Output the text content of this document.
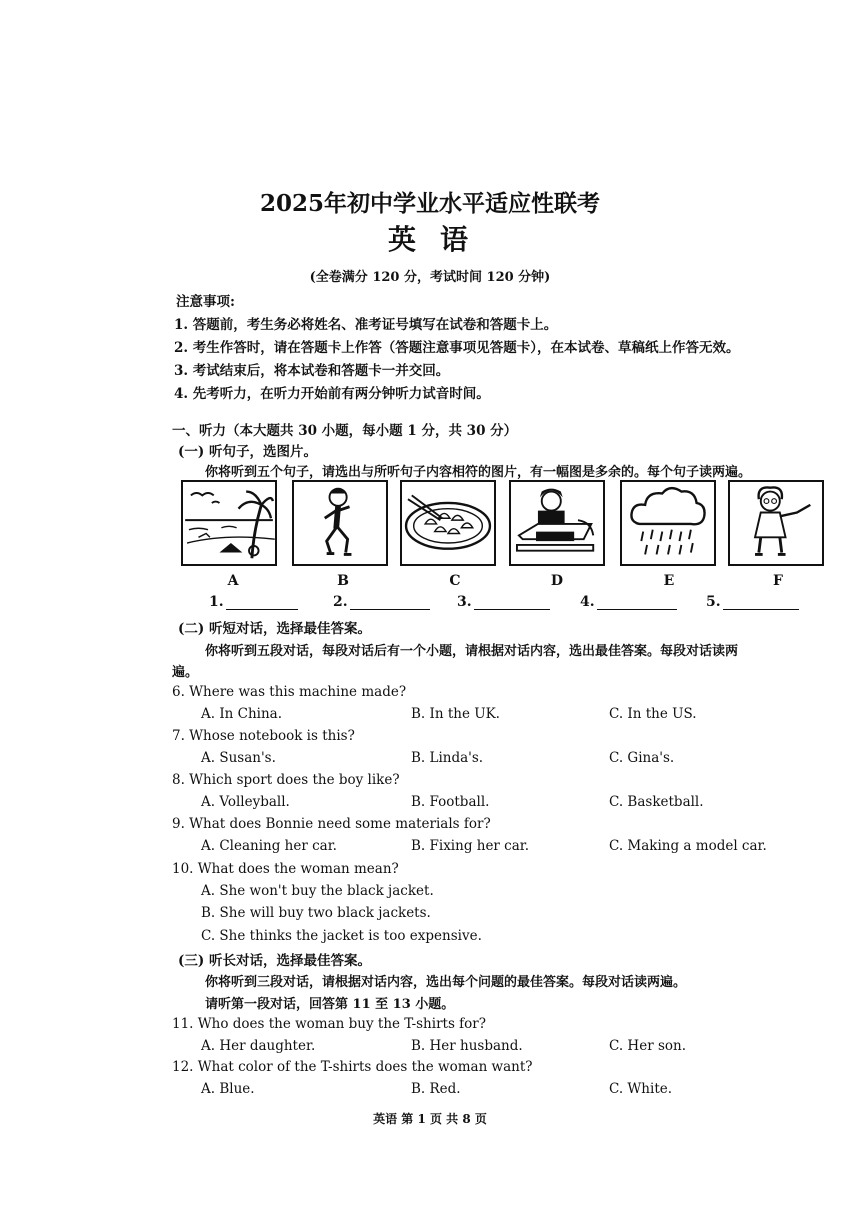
2025年初中学业水平适应性联考
英语
(全卷满分 120 分，考试时间 120 分钟)
注意事项:
1. 答题前，考生务必将姓名、准考证号填写在试卷和答题卡上。
2. 考生作答时，请在答题卡上作答（答题注意事项见答题卡），在本试卷、草稿纸上作答无效。
3. 考试结束后，将本试卷和答题卡一并交回。
4. 先考听力，在听力开始前有两分钟听力试音时间。
一、听力（本大题共 30 小题，每小题 1 分，共 30 分）
(一) 听句子，选图片。
你将听到五个句子，请选出与所听句子内容相符的图片，有一幅图是多余的。每个句子读两遍。
A	B	C	D	E	F
1.	2.	3.	4.	5.
(二) 听短对话，选择最佳答案。
你将听到五段对话，每段对话后有一个小题，请根据对话内容，选出最佳答案。每段对话读两
遍。
6. Where was this machine made?
A. In China.	B. In the UK.	C. In the US.
7. Whose notebook is this?
A. Susan's.	B. Linda's.	C. Gina's.
8. Which sport does the boy like?
A. Volleyball.	B. Football.	C. Basketball.
9. What does Bonnie need some materials for?
A. Cleaning her car.	B. Fixing her car.	C. Making a model car.
10. What does the woman mean?
A. She won't buy the black jacket.
B. She will buy two black jackets.
C. She thinks the jacket is too expensive.
(三) 听长对话，选择最佳答案。
你将听到三段对话，请根据对话内容，选出每个问题的最佳答案。每段对话读两遍。
请听第一段对话，回答第 11 至 13 小题。
11. Who does the woman buy the T-shirts for?
A. Her daughter.	B. Her husband.	C. Her son.
12. What color of the T-shirts does the woman want?
A. Blue.	B. Red.	C. White.
英语 第 1 页 共 8 页
